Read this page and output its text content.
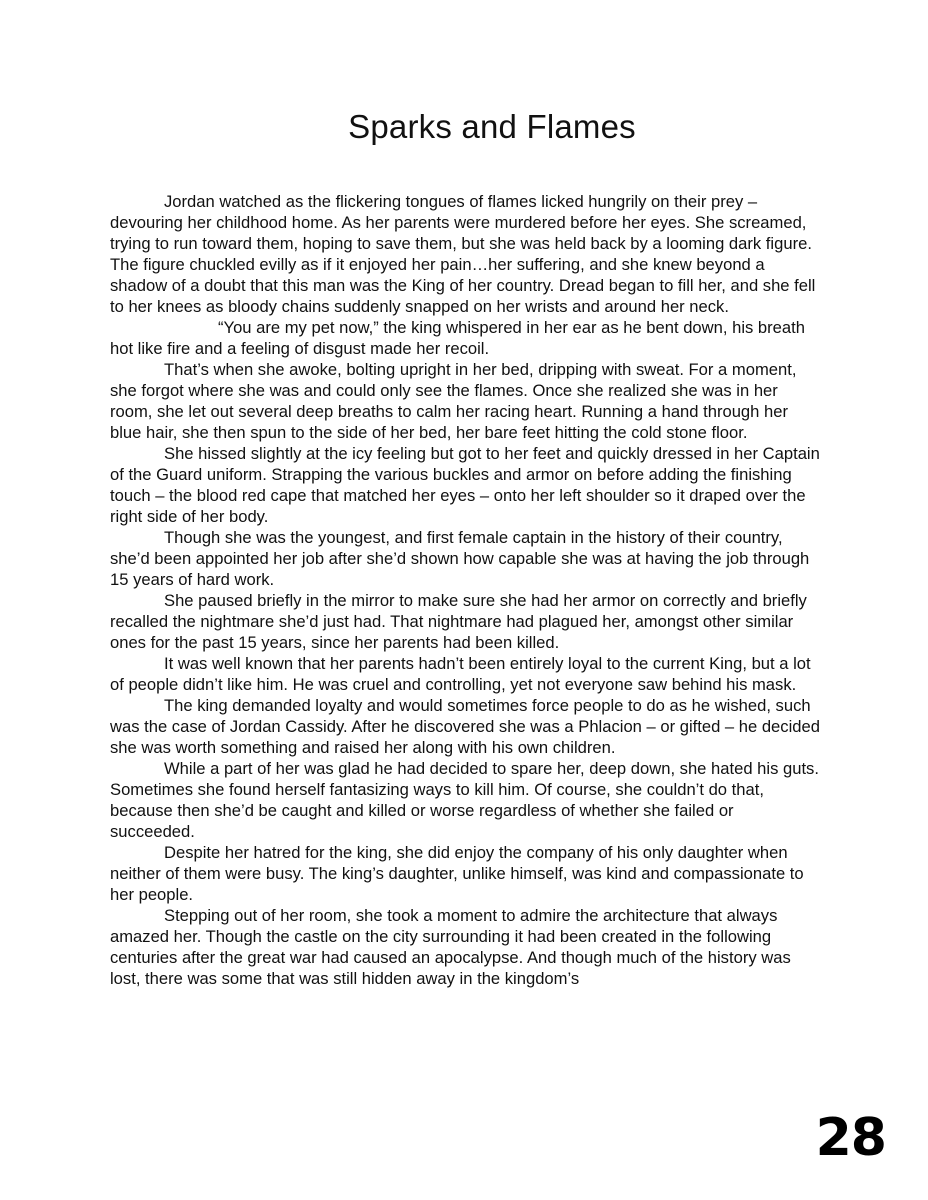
Sparks and Flames

Jordan watched as the flickering tongues of flames licked hungrily on their prey – devouring her childhood home. As her parents were murdered before her eyes. She screamed, trying to run toward them, hoping to save them, but she was held back by a looming dark figure. The figure chuckled evilly as if it enjoyed her pain…her suffering, and she knew beyond a shadow of a doubt that this man was the King of her country. Dread began to fill her, and she fell to her knees as bloody chains suddenly snapped on her wrists and around her neck.

“You are my pet now,” the king whispered in her ear as he bent down, his breath hot like fire and a feeling of disgust made her recoil.

That’s when she awoke, bolting upright in her bed, dripping with sweat. For a moment, she forgot where she was and could only see the flames. Once she realized she was in her room, she let out several deep breaths to calm her racing heart. Running a hand through her blue hair, she then spun to the side of her bed, her bare feet hitting the cold stone floor.

She hissed slightly at the icy feeling but got to her feet and quickly dressed in her Captain of the Guard uniform. Strapping the various buckles and armor on before adding the finishing touch – the blood red cape that matched her eyes – onto her left shoulder so it draped over the right side of her body.

Though she was the youngest, and first female captain in the history of their country, she’d been appointed her job after she’d shown how capable she was at having the job through 15 years of hard work.

She paused briefly in the mirror to make sure she had her armor on correctly and briefly recalled the nightmare she’d just had. That nightmare had plagued her, amongst other similar ones for the past 15 years, since her parents had been killed.

It was well known that her parents hadn’t been entirely loyal to the current King, but a lot of people didn’t like him. He was cruel and controlling, yet not everyone saw behind his mask.

The king demanded loyalty and would sometimes force people to do as he wished, such was the case of Jordan Cassidy. After he discovered she was a Phlacion – or gifted – he decided she was worth something and raised her along with his own children.

While a part of her was glad he had decided to spare her, deep down, she hated his guts. Sometimes she found herself fantasizing ways to kill him. Of course, she couldn’t do that, because then she’d be caught and killed or worse regardless of whether she failed or succeeded.

Despite her hatred for the king, she did enjoy the company of his only daughter when neither of them were busy. The king’s daughter, unlike himself, was kind and compassionate to her people.

Stepping out of her room, she took a moment to admire the architecture that always amazed her. Though the castle on the city surrounding it had been created in the following centuries after the great war had caused an apocalypse. And though much of the history was lost, there was some that was still hidden away in the kingdom’s

28
